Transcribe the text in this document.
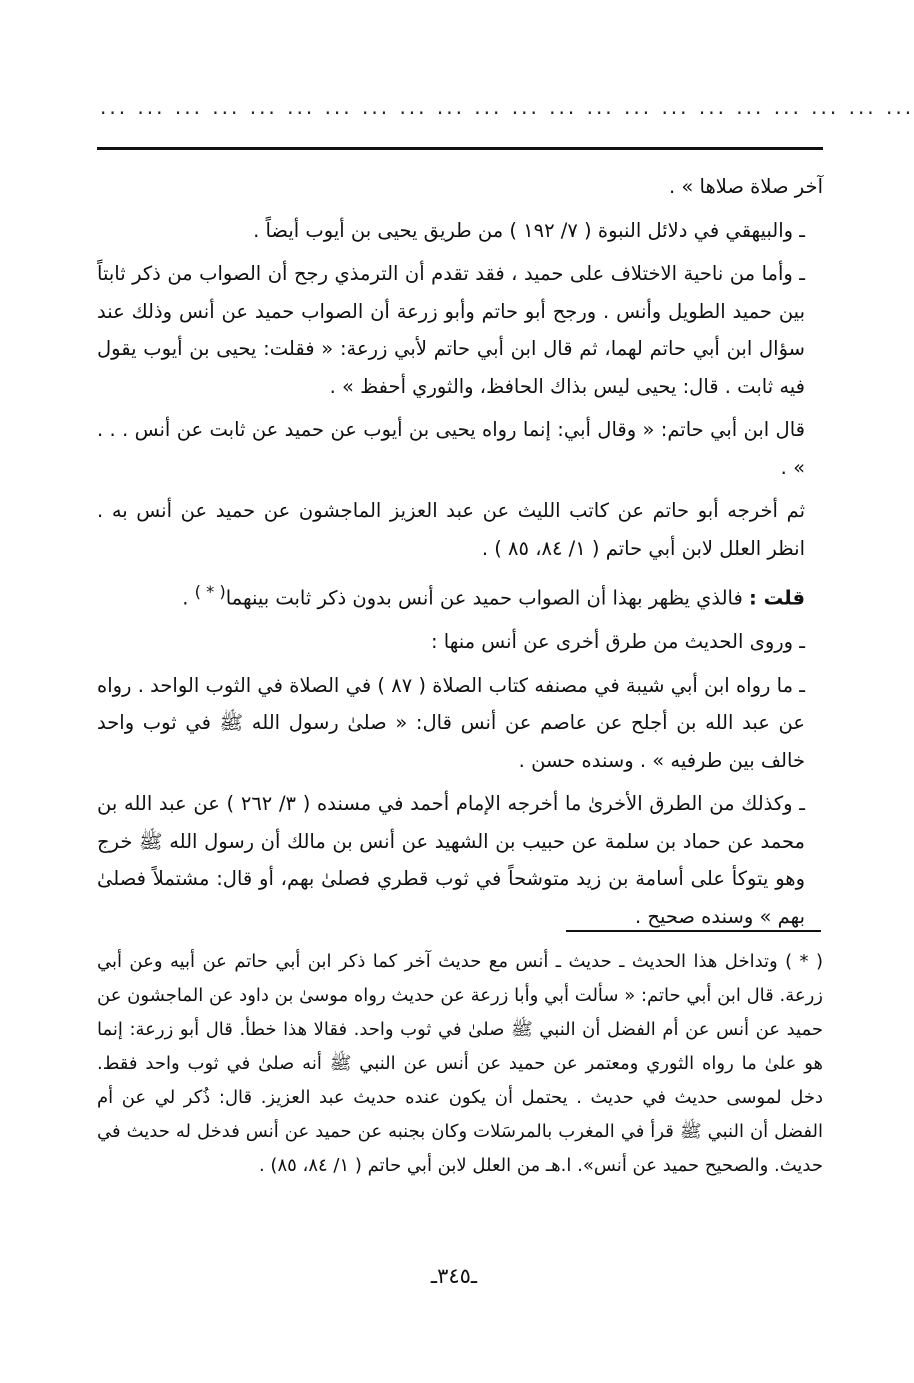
... ... ... ... ... ... ... ... ... ... ... ... ... ... ... ... ... ... ... ... ... ...

آخر صلاة صلاها » .

ـ والبيهقي في دلائل النبوة ( ٧/ ١٩٢ ) من طريق يحيى بن أيوب أيضاً .

ـ وأما من ناحية الاختلاف على حميد ، فقد تقدم أن الترمذي رجح أن الصواب من ذكر ثابتاً بين حميد الطويل وأنس . ورجح أبو حاتم وأبو زرعة أن الصواب حميد عن أنس وذلك عند سؤال ابن أبي حاتم لهما، ثم قال ابن أبي حاتم لأبي زرعة: « فقلت: يحيى بن أيوب يقول فيه ثابت . قال: يحيى ليس بذاك الحافظ، والثوري أحفظ » .

قال ابن أبي حاتم: « وقال أبي: إنما رواه يحيى بن أيوب عن حميد عن ثابت عن أنس . . . » .

ثم أخرجه أبو حاتم عن كاتب الليث عن عبد العزيز الماجشون عن حميد عن أنس به . انظر العلل لابن أبي حاتم ( ١/ ٨٤، ٨٥ ) .

قلت : فالذي يظهر بهذا أن الصواب حميد عن أنس بدون ذكر ثابت بينهما( * ) .

ـ وروى الحديث من طرق أخرى عن أنس منها :

ـ ما رواه ابن أبي شيبة في مصنفه كتاب الصلاة ( ٨٧ ) في الصلاة في الثوب الواحد . رواه عن عبد الله بن أجلح عن عاصم عن أنس قال: « صلىٰ رسول الله ﷺ في ثوب واحد خالف بين طرفيه » . وسنده حسن .

ـ وكذلك من الطرق الأخرىٰ ما أخرجه الإمام أحمد في مسنده ( ٣/ ٢٦٢ ) عن عبد الله بن محمد عن حماد بن سلمة عن حبيب بن الشهيد عن أنس بن مالك أن رسول الله ﷺ خرج وهو يتوكأ على أسامة بن زيد متوشحاً في ثوب قطري فصلىٰ بهم، أو قال: مشتملاً فصلىٰ بهم » وسنده صحيح .

( * ) وتداخل هذا الحديث ـ حديث ـ أنس مع حديث آخر كما ذكر ابن أبي حاتم عن أبيه وعن أبي زرعة. قال ابن أبي حاتم: « سألت أبي وأبا زرعة عن حديث رواه موسىٰ بن داود عن الماجشون عن حميد عن أنس عن أم الفضل أن النبي ﷺ صلىٰ في ثوب واحد. فقالا هذا خطأ. قال أبو زرعة: إنما هو علىٰ ما رواه الثوري ومعتمر عن حميد عن أنس عن النبي ﷺ أنه صلىٰ في ثوب واحد فقط. دخل لموسى حديث في حديث . يحتمل أن يكون عنده حديث عبد العزيز. قال: ذُكر لي عن أم الفضل أن النبي ﷺ قرأ في المغرب بالمرسَلات وكان بجنبه عن حميد عن أنس فدخل له حديث في حديث. والصحيح حميد عن أنس». ا.هـ من العلل لابن أبي حاتم ( ١/ ٨٤، ٨٥) .

ـ٣٤٥ـ
